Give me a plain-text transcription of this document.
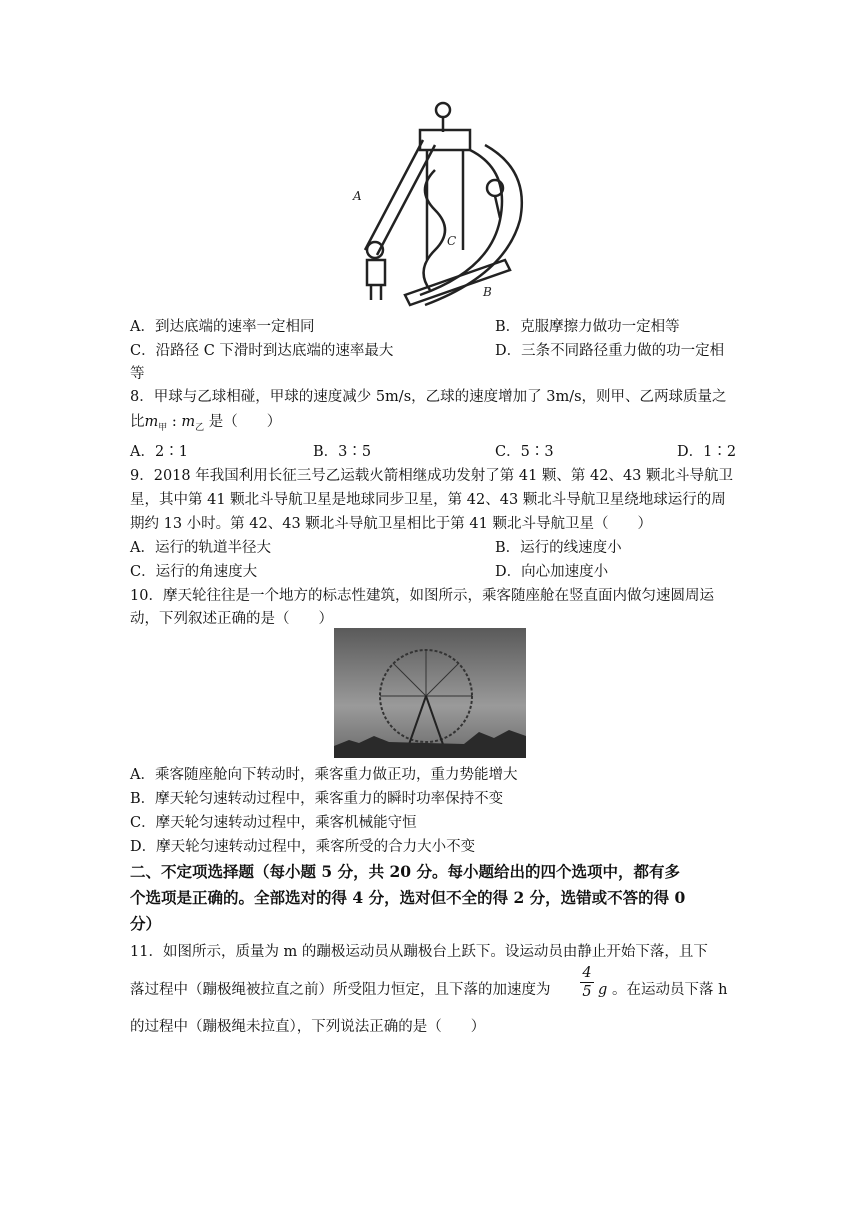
A
C
B
A．到达底端的速率一定相同	B．克服摩擦力做功一定相等
C．沿路径 C 下滑时到达底端的速率最大	D．三条不同路径重力做的功一定相
等
8．甲球与乙球相碰，甲球的速度减少 5m/s，乙球的速度增加了 3m/s，则甲、乙两球质量之
比$m_甲$ : $m_乙$ 是（　　）
A．2∶1	B．3∶5	C．5∶3	D．1∶2
9．2018 年我国利用长征三号乙运载火箭相继成功发射了第 41 颗、第 42、43 颗北斗导航卫
星，其中第 41 颗北斗导航卫星是地球同步卫星，第 42、43 颗北斗导航卫星绕地球运行的周
期约 13 小时。第 42、43 颗北斗导航卫星相比于第 41 颗北斗导航卫星（　　）
A．运行的轨道半径大	B．运行的线速度小
C．运行的角速度大	D．向心加速度小
10．摩天轮往往是一个地方的标志性建筑，如图所示，乘客随座舱在竖直面内做匀速圆周运
动，下列叙述正确的是（　　）
A．乘客随座舱向下转动时，乘客重力做正功，重力势能增大
B．摩天轮匀速转动过程中，乘客重力的瞬时功率保持不变
C．摩天轮匀速转动过程中，乘客机械能守恒
D．摩天轮匀速转动过程中，乘客所受的合力大小不变
二、不定项选择题（每小题 5 分，共 20 分。每小题给出的四个选项中，都有多
个选项是正确的。全部选对的得 4 分，选对但不全的得 2 分，选错或不答的得 0
分）
11．如图所示，质量为 m 的蹦极运动员从蹦极台上跃下。设运动员由静止开始下落，且下
落过程中（蹦极绳被拉直之前）所受阻力恒定，且下落的加速度为 $\frac{4}{5}$ g 。在运动员下落 h
的过程中（蹦极绳未拉直），下列说法正确的是（　　）
